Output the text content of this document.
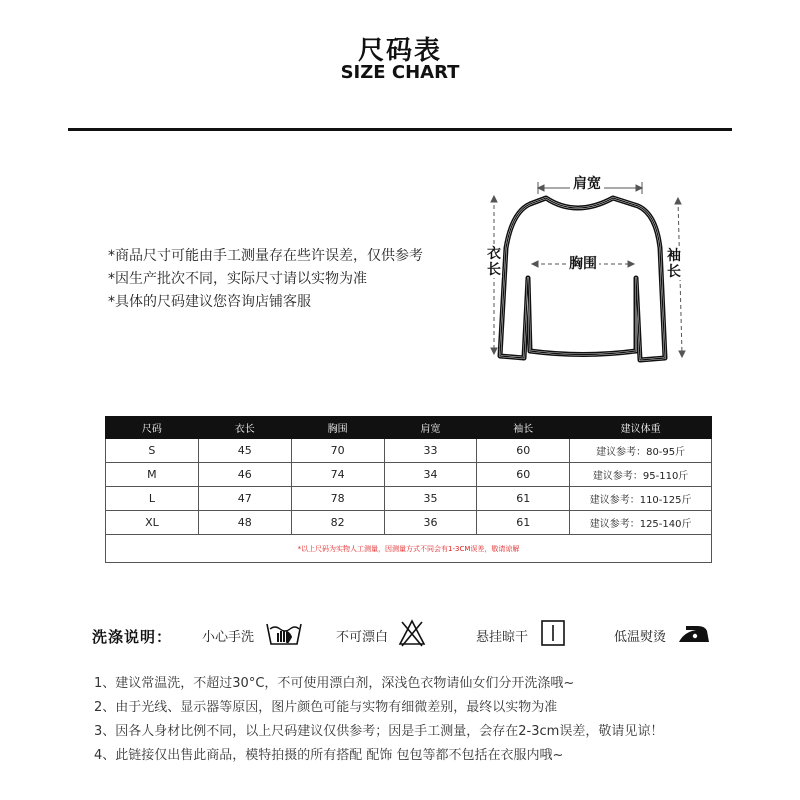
尺码表
SIZE CHART
*商品尺寸可能由手工测量存在些许误差，仅供参考
*因生产批次不同，实际尺寸请以实物为准
*具体的尺码建议您咨询店铺客服
肩宽
胸围
衣长
袖长
尺码	衣长	胸围	肩宽	袖长	建议体重
S	45	70	33	60	建议参考：80-95斤
M	46	74	34	60	建议参考：95-110斤
L	47	78	35	61	建议参考：110-125斤
XL	48	82	36	61	建议参考：125-140斤
*以上尺码为实物人工测量，因测量方式不同会有1-3CM误差，敬请谅解					
洗涤说明： 小心手洗	不可漂白	悬挂晾干	低温熨烫
1、建议常温洗，不超过30°C，不可使用漂白剂，深浅色衣物请仙女们分开洗涤哦~
2、由于光线、显示器等原因，图片颜色可能与实物有细微差别，最终以实物为准
3、因各人身材比例不同，以上尺码建议仅供参考；因是手工测量，会存在2-3cm误差，敬请见谅！
4、此链接仅出售此商品，模特拍摄的所有搭配 配饰 包包等都不包括在衣服内哦~
